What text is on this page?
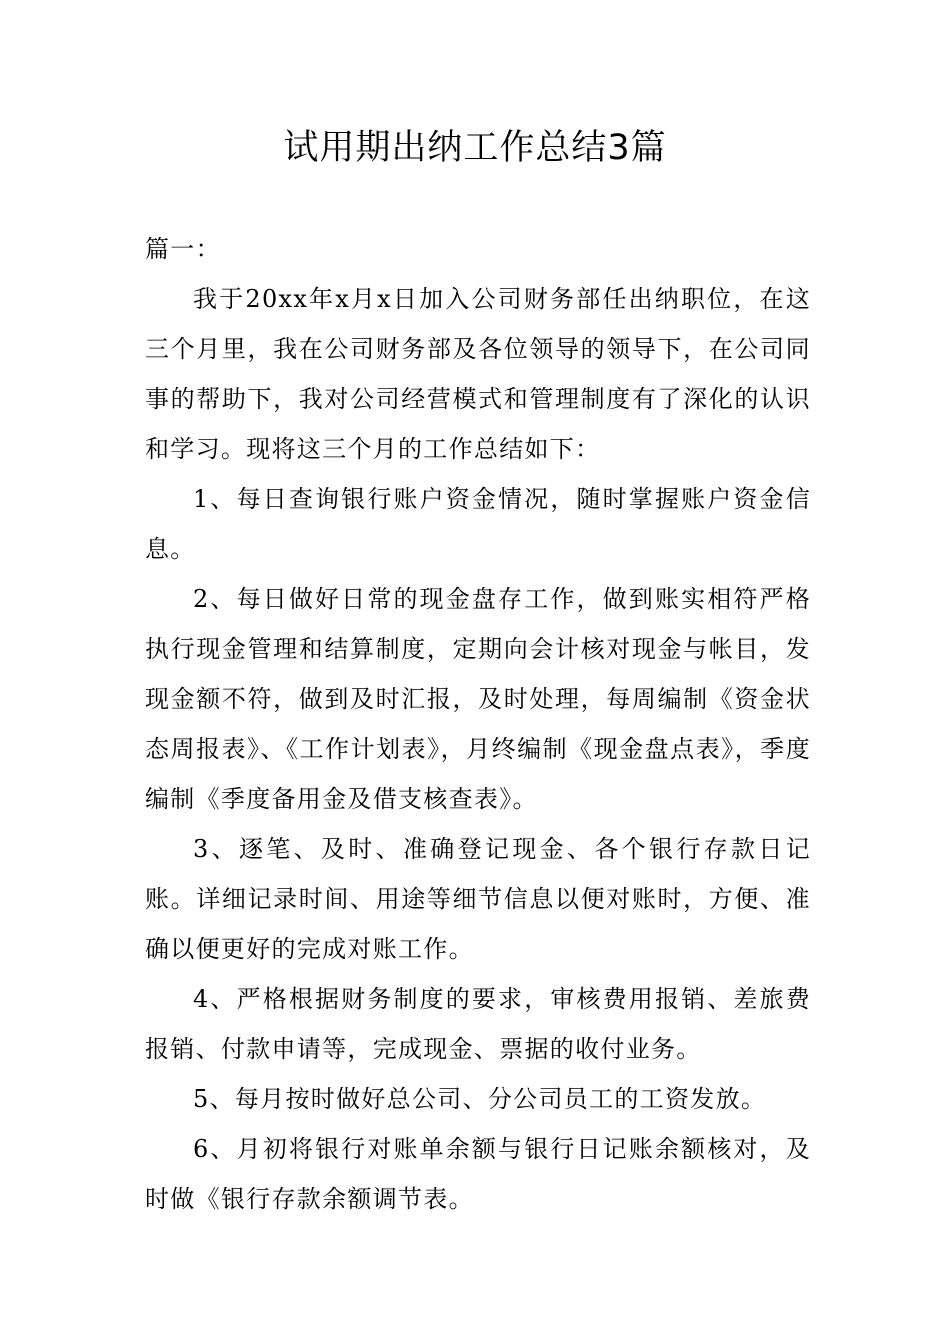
试用期出纳工作总结3篇

篇一：

我于20xx年x月x日加入公司财务部任出纳职位，在这三个月里，我在公司财务部及各位领导的领导下，在公司同事的帮助下，我对公司经营模式和管理制度有了深化的认识和学习。现将这三个月的工作总结如下：

1、每日查询银行账户资金情况，随时掌握账户资金信息。

2、每日做好日常的现金盘存工作，做到账实相符严格执行现金管理和结算制度，定期向会计核对现金与帐目，发现金额不符，做到及时汇报，及时处理，每周编制《资金状态周报表》、《工作计划表》，月终编制《现金盘点表》，季度编制《季度备用金及借支核查表》。

3、逐笔、及时、准确登记现金、各个银行存款日记账。详细记录时间、用途等细节信息以便对账时，方便、准确以便更好的完成对账工作。

4、严格根据财务制度的要求，审核费用报销、差旅费报销、付款申请等，完成现金、票据的收付业务。

5、每月按时做好总公司、分公司员工的工资发放。

6、月初将银行对账单余额与银行日记账余额核对，及时做《银行存款余额调节表。
